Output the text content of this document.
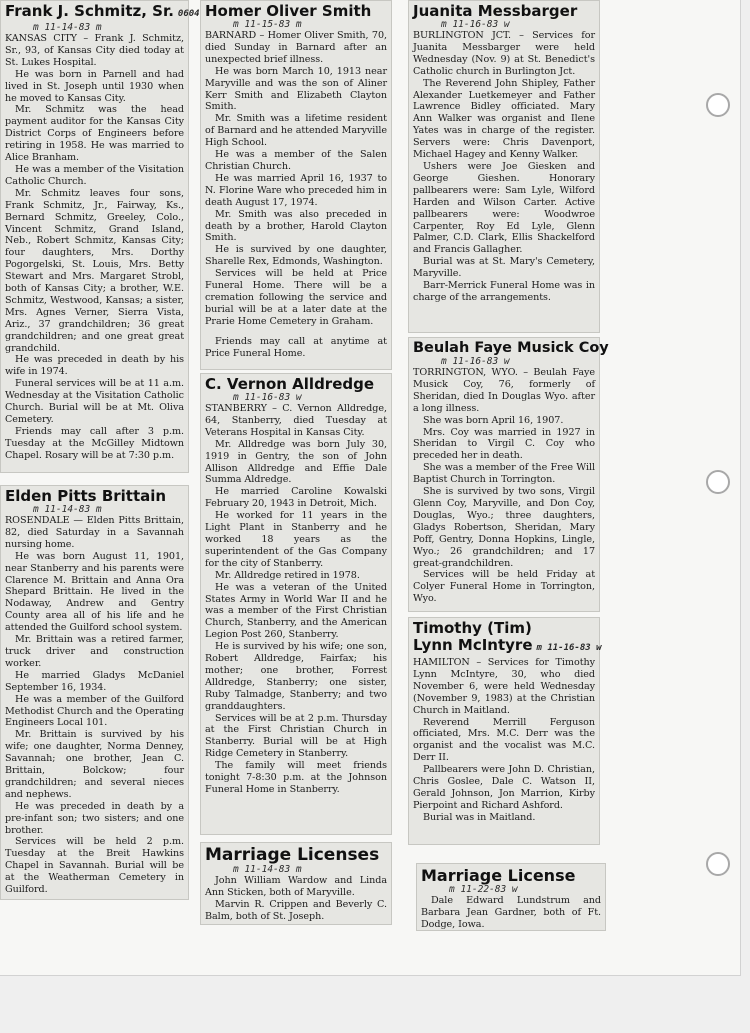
Frank J. Schmitz, Sr. 0604
m 11-14-83 m

KANSAS CITY – Frank J. Schmitz, Sr., 93, of Kansas City died today at St. Lukes Hospital.

He was born in Parnell and had lived in St. Joseph until 1930 when he moved to Kansas City.

Mr. Schmitz was the head payment auditor for the Kansas City District Corps of Engineers before retiring in 1958. He was married to Alice Branham.

He was a member of the Visitation Catholic Church.

Mr. Schmitz leaves four sons, Frank Schmitz, Jr., Fairway, Ks., Bernard Schmitz, Greeley, Colo., Vincent Schmitz, Grand Island, Neb., Robert Schmitz, Kansas City; four daughters, Mrs. Dorthy Pogorgelski, St. Louis, Mrs. Betty Stewart and Mrs. Margaret Strobl, both of Kansas City; a brother, W.E. Schmitz, Westwood, Kansas; a sister, Mrs. Agnes Verner, Sierra Vista, Ariz., 37 grandchildren; 36 great grandchildren; and one great great grandchild.

He was preceded in death by his wife in 1974.

Funeral services will be at 11 a.m. Wednesday at the Visitation Catholic Church. Burial will be at Mt. Oliva Cemetery.

Friends may call after 3 p.m. Tuesday at the McGilley Midtown Chapel. Rosary will be at 7:30 p.m.

Elden Pitts Brittain
m 11-14-83 m

ROSENDALE — Elden Pitts Brittain, 82, died Saturday in a Savannah nursing home.

He was born August 11, 1901, near Stanberry and his parents were Clarence M. Brittain and Anna Ora Shepard Brittain. He lived in the Nodaway, Andrew and Gentry County area all of his life and he attended the Guilford school system.

Mr. Brittain was a retired farmer, truck driver and construction worker.

He married Gladys McDaniel September 16, 1934.

He was a member of the Guilford Methodist Church and the Operating Engineers Local 101.

Mr. Brittain is survived by his wife; one daughter, Norma Denney, Savannah; one brother, Jean C. Brittain, Bolckow; four grandchildren; and several nieces and nephews.

He was preceded in death by a pre-infant son; two sisters; and one brother.

Services will be held 2 p.m. Tuesday at the Breit Hawkins Chapel in Savannah. Burial will be at the Weatherman Cemetery in Guilford.

Homer Oliver Smith
m 11-15-83 m

BARNARD – Homer Oliver Smith, 70, died Sunday in Barnard after an unexpected brief illness.

He was born March 10, 1913 near Maryville and was the son of Aliner Kerr Smith and Elizabeth Clayton Smith.

Mr. Smith was a lifetime resident of Barnard and he attended Maryville High School.

He was a member of the Salen Christian Church.

He was married April 16, 1937 to N. Florine Ware who preceded him in death August 17, 1974.

Mr. Smith was also preceded in death by a brother, Harold Clayton Smith.

He is survived by one daughter, Sharelle Rex, Edmonds, Washington.

Services will be held at Price Funeral Home. There will be a cremation following the service and burial will be at a later date at the Prarie Home Cemetery in Graham.

Friends may call at anytime at Price Funeral Home.

C. Vernon Alldredge
m 11-16-83 w

STANBERRY – C. Vernon Alldredge, 64, Stanberry, died Tuesday at Veterans Hospital in Kansas City.

Mr. Alldredge was born July 30, 1919 in Gentry, the son of John Allison Alldredge and Effie Dale Summa Aldredge.

He married Caroline Kowalski February 20, 1943 in Detroit, Mich.

He worked for 11 years in the Light Plant in Stanberry and he worked 18 years as the superintendent of the Gas Company for the city of Stanberry.

Mr. Alldredge retired in 1978.

He was a veteran of the United States Army in World War II and he was a member of the First Christian Church, Stanberry, and the American Legion Post 260, Stanberry.

He is survived by his wife; one son, Robert Alldredge, Fairfax; his mother; one brother, Forrest Alldredge, Stanberry; one sister, Ruby Talmadge, Stanberry; and two granddaughters.

Services will be at 2 p.m. Thursday at the First Christian Church in Stanberry. Burial will be at High Ridge Cemetery in Stanberry.

The family will meet friends tonight 7-8:30 p.m. at the Johnson Funeral Home in Stanberry.

Marriage Licenses
m 11-14-83 m

John William Wardow and Linda Ann Sticken, both of Maryville.

Marvin R. Crippen and Beverly C. Balm, both of St. Joseph.

Juanita Messbarger
m 11-16-83 w

BURLINGTON JCT. – Services for Juanita Messbarger were held Wednesday (Nov. 9) at St. Benedict's Catholic church in Burlington Jct.

The Reverend John Shipley, Father Alexander Luetkemeyer and Father Lawrence Bidley officiated. Mary Ann Walker was organist and Ilene Yates was in charge of the register. Servers were: Chris Davenport, Michael Hagey and Kenny Walker.

Ushers were Joe Giesken and George Gieshen. Honorary pallbearers were: Sam Lyle, Wilford Harden and Wilson Carter. Active pallbearers were: Woodwroe Carpenter, Roy Ed Lyle, Glenn Palmer, C.D. Clark, Ellis Shackelford and Francis Gallagher.

Burial was at St. Mary's Cemetery, Maryville.

Barr-Merrick Funeral Home was in charge of the arrangements.

Beulah Faye Musick Coy
m 11-16-83 w

TORRINGTON, WYO. – Beulah Faye Musick Coy, 76, formerly of Sheridan, died In Douglas Wyo. after a long illness.

She was born April 16, 1907.

Mrs. Coy was married in 1927 in Sheridan to Virgil C. Coy who preceded her in death.

She was a member of the Free Will Baptist Church in Torrington.

She is survived by two sons, Virgil Glenn Coy, Maryville, and Don Coy, Douglas, Wyo.; three daughters, Gladys Robertson, Sheridan, Mary Poff, Gentry, Donna Hopkins, Lingle, Wyo.; 26 grandchildren; and 17 great-grandchildren.

Services will be held Friday at Colyer Funeral Home in Torrington, Wyo.

Timothy (Tim)
Lynn McIntyre m 11-16-83 w

HAMILTON – Services for Timothy Lynn McIntyre, 30, who died November 6, were held Wednesday (November 9, 1983) at the Christian Church in Maitland.

Reverend Merrill Ferguson officiated, Mrs. M.C. Derr was the organist and the vocalist was M.C. Derr II.

Pallbearers were John D. Christian, Chris Goslee, Dale C. Watson II, Gerald Johnson, Jon Marrion, Kirby Pierpoint and Richard Ashford.

Burial was in Maitland.

Marriage License
m 11-22-83 w

Dale Edward Lundstrum and Barbara Jean Gardner, both of Ft. Dodge, Iowa.
